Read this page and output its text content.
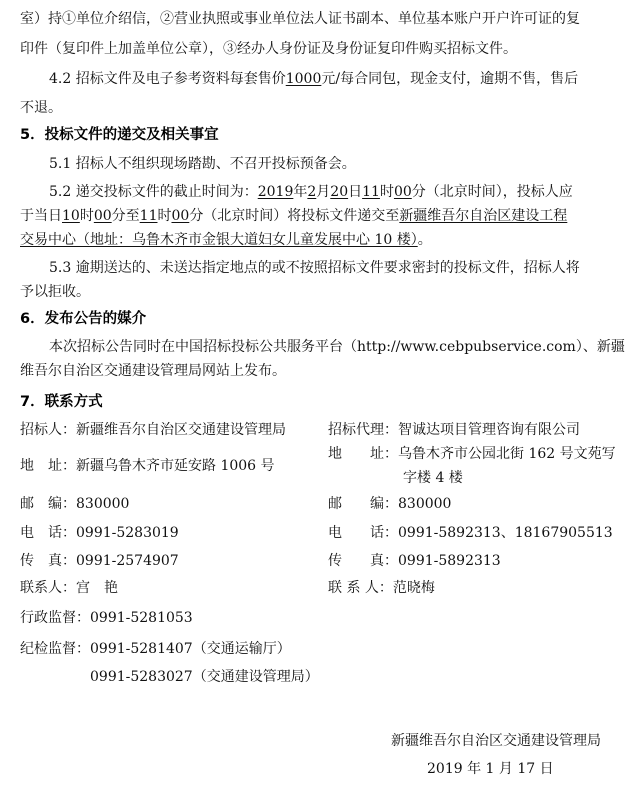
室）持①单位介绍信，②营业执照或事业单位法人证书副本、单位基本账户开户许可证的复
印件（复印件上加盖单位公章），③经办人身份证及身份证复印件购买招标文件。
4.2 招标文件及电子参考资料每套售价1000元/每合同包，现金支付，逾期不售，售后
不退。
5．投标文件的递交及相关事宜
5.1 招标人不组织现场踏勘、不召开投标预备会。
5.2 递交投标文件的截止时间为：2019年2月20日11时00分（北京时间），投标人应
于当日10时00分至11时00分（北京时间）将投标文件递交至新疆维吾尔自治区建设工程
交易中心（地址：乌鲁木齐市金银大道妇女儿童发展中心 10 楼）。
5.3 逾期送达的、未送达指定地点的或不按照招标文件要求密封的投标文件，招标人将
予以拒收。
6．发布公告的媒介
本次招标公告同时在中国招标投标公共服务平台（http://www.cebpubservice.com）、新疆
维吾尔自治区交通建设管理局网站上发布。
7．联系方式
招标人：新疆维吾尔自治区交通建设管理局
地　址：新疆乌鲁木齐市延安路 1006 号
邮　编：830000
电　话：0991-5283019
传　真：0991-2574907
联系人：宫　艳
招标代理：智诚达项目管理咨询有限公司
地　　址：乌鲁木齐市公园北街 162 号文苑写
字楼 4 楼
邮　　编：830000
电　　话：0991-5892313、18167905513
传　　真：0991-5892313
联 系 人：范晓梅
行政监督：0991-5281053
纪检监督：0991-5281407（交通运输厅）
0991-5283027（交通建设管理局）
新疆维吾尔自治区交通建设管理局
2019 年 1 月 17 日
